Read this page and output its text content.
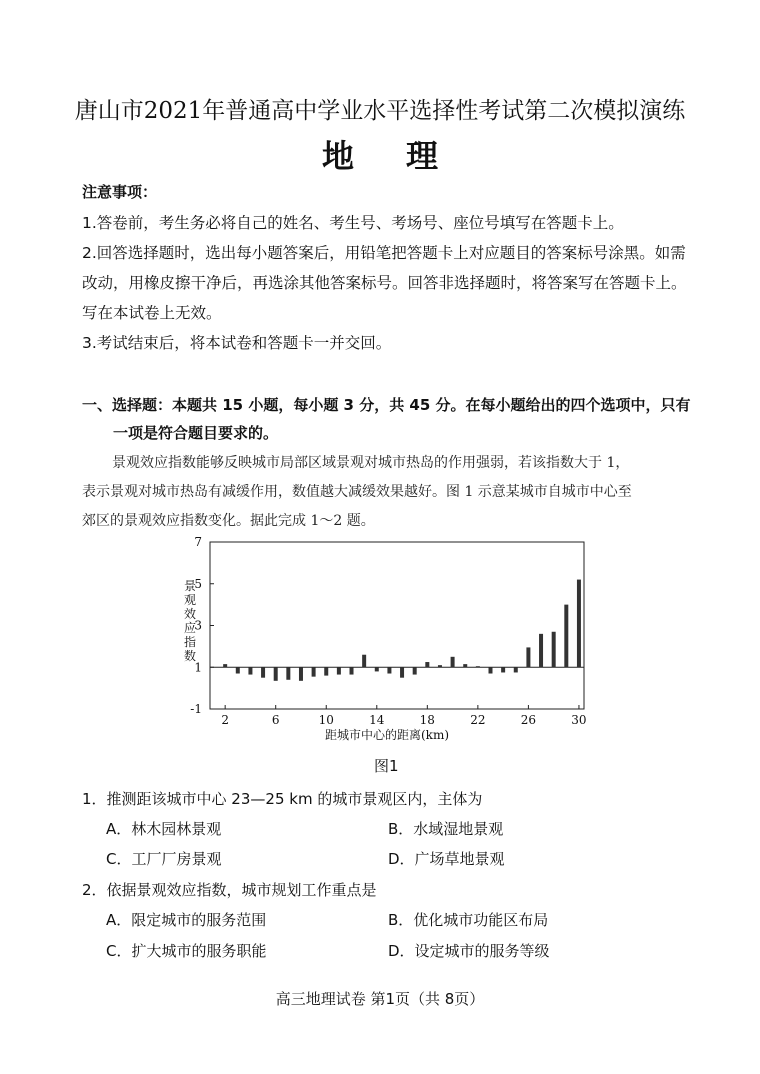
唐山市2021年普通高中学业水平选择性考试第二次模拟演练
地理
注意事项：
1.答卷前，考生务必将自己的姓名、考生号、考场号、座位号填写在答题卡上。
2.回答选择题时，选出每小题答案后，用铅笔把答题卡上对应题目的答案标号涂黑。如需
改动，用橡皮擦干净后，再选涂其他答案标号。回答非选择题时，将答案写在答题卡上。
写在本试卷上无效。
3.考试结束后，将本试卷和答题卡一并交回。
一、选择题：本题共 15 小题，每小题 3 分，共 45 分。在每小题给出的四个选项中，只有
一项是符合题目要求的。
景观效应指数能够反映城市局部区域景观对城市热岛的作用强弱，若该指数大于 1，
表示景观对城市热岛有减缓作用，数值越大减缓效果越好。图 1 示意某城市自城市中心至
郊区的景观效应指数变化。据此完成 1～2 题。
-1
1
3
5
7
2	6	10	14	18	22	26	30
景观效应指数
距城市中心的距离(km)
图1
1．推测距该城市中心 23—25 km 的城市景观区内，主体为
A．林木园林景观	B．水域湿地景观
C．工厂厂房景观	D．广场草地景观
2．依据景观效应指数，城市规划工作重点是
A．限定城市的服务范围	B．优化城市功能区布局
C．扩大城市的服务职能	D．设定城市的服务等级
高三地理试卷 第1页（共 8页）
